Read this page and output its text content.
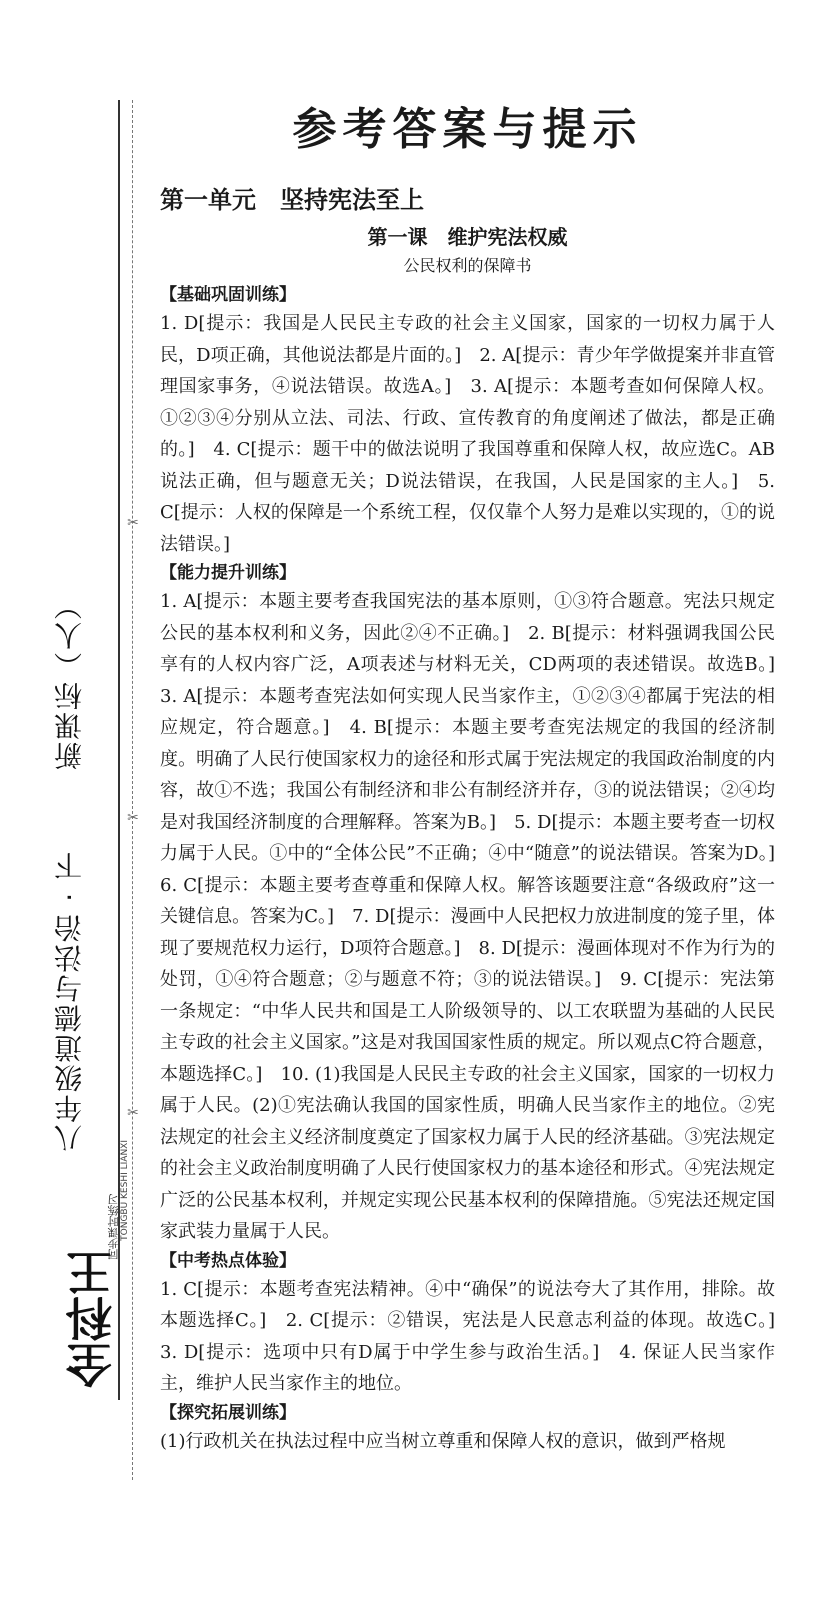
✂
✂
✂
新课标（人）
八年级道德与法治 · 下
全科王
同步课时练习 TONGBU KESHI LIANXI
参考答案与提示
第一单元　坚持宪法至上
第一课　维护宪法权威
公民权利的保障书
【基础巩固训练】

1. D[提示：我国是人民民主专政的社会主义国家，国家的一切权力属于人民，D项正确，其他说法都是片面的。]　2. A[提示：青少年学做提案并非直管理国家事务，④说法错误。故选A。]　3. A[提示：本题考查如何保障人权。①②③④分别从立法、司法、行政、宣传教育的角度阐述了做法，都是正确的。]　4. C[提示：题干中的做法说明了我国尊重和保障人权，故应选C。AB说法正确，但与题意无关；D说法错误，在我国，人民是国家的主人。]　5. C[提示：人权的保障是一个系统工程，仅仅靠个人努力是难以实现的，①的说法错误。]

【能力提升训练】

1. A[提示：本题主要考查我国宪法的基本原则，①③符合题意。宪法只规定公民的基本权利和义务，因此②④不正确。]　2. B[提示：材料强调我国公民享有的人权内容广泛，A项表述与材料无关，CD两项的表述错误。故选B。]　3. A[提示：本题考查宪法如何实现人民当家作主，①②③④都属于宪法的相应规定，符合题意。]　4. B[提示：本题主要考查宪法规定的我国的经济制度。明确了人民行使国家权力的途径和形式属于宪法规定的我国政治制度的内容，故①不选；我国公有制经济和非公有制经济并存，③的说法错误；②④均是对我国经济制度的合理解释。答案为B。]　5. D[提示：本题主要考查一切权力属于人民。①中的“全体公民”不正确；④中“随意”的说法错误。答案为D。]　6. C[提示：本题主要考查尊重和保障人权。解答该题要注意“各级政府”这一关键信息。答案为C。]　7. D[提示：漫画中人民把权力放进制度的笼子里，体现了要规范权力运行，D项符合题意。]　8. D[提示：漫画体现对不作为行为的处罚，①④符合题意；②与题意不符；③的说法错误。]　9. C[提示：宪法第一条规定：“中华人民共和国是工人阶级领导的、以工农联盟为基础的人民民主专政的社会主义国家。”这是对我国国家性质的规定。所以观点C符合题意，本题选择C。]　10. (1)我国是人民民主专政的社会主义国家，国家的一切权力属于人民。(2)①宪法确认我国的国家性质，明确人民当家作主的地位。②宪法规定的社会主义经济制度奠定了国家权力属于人民的经济基础。③宪法规定的社会主义政治制度明确了人民行使国家权力的基本途径和形式。④宪法规定广泛的公民基本权利，并规定实现公民基本权利的保障措施。⑤宪法还规定国家武装力量属于人民。

【中考热点体验】

1. C[提示：本题考查宪法精神。④中“确保”的说法夸大了其作用，排除。故本题选择C。]　2. C[提示：②错误，宪法是人民意志利益的体现。故选C。]　3. D[提示：选项中只有D属于中学生参与政治生活。]　4. 保证人民当家作主，维护人民当家作主的地位。

【探究拓展训练】

(1)行政机关在执法过程中应当树立尊重和保障人权的意识，做到严格规
